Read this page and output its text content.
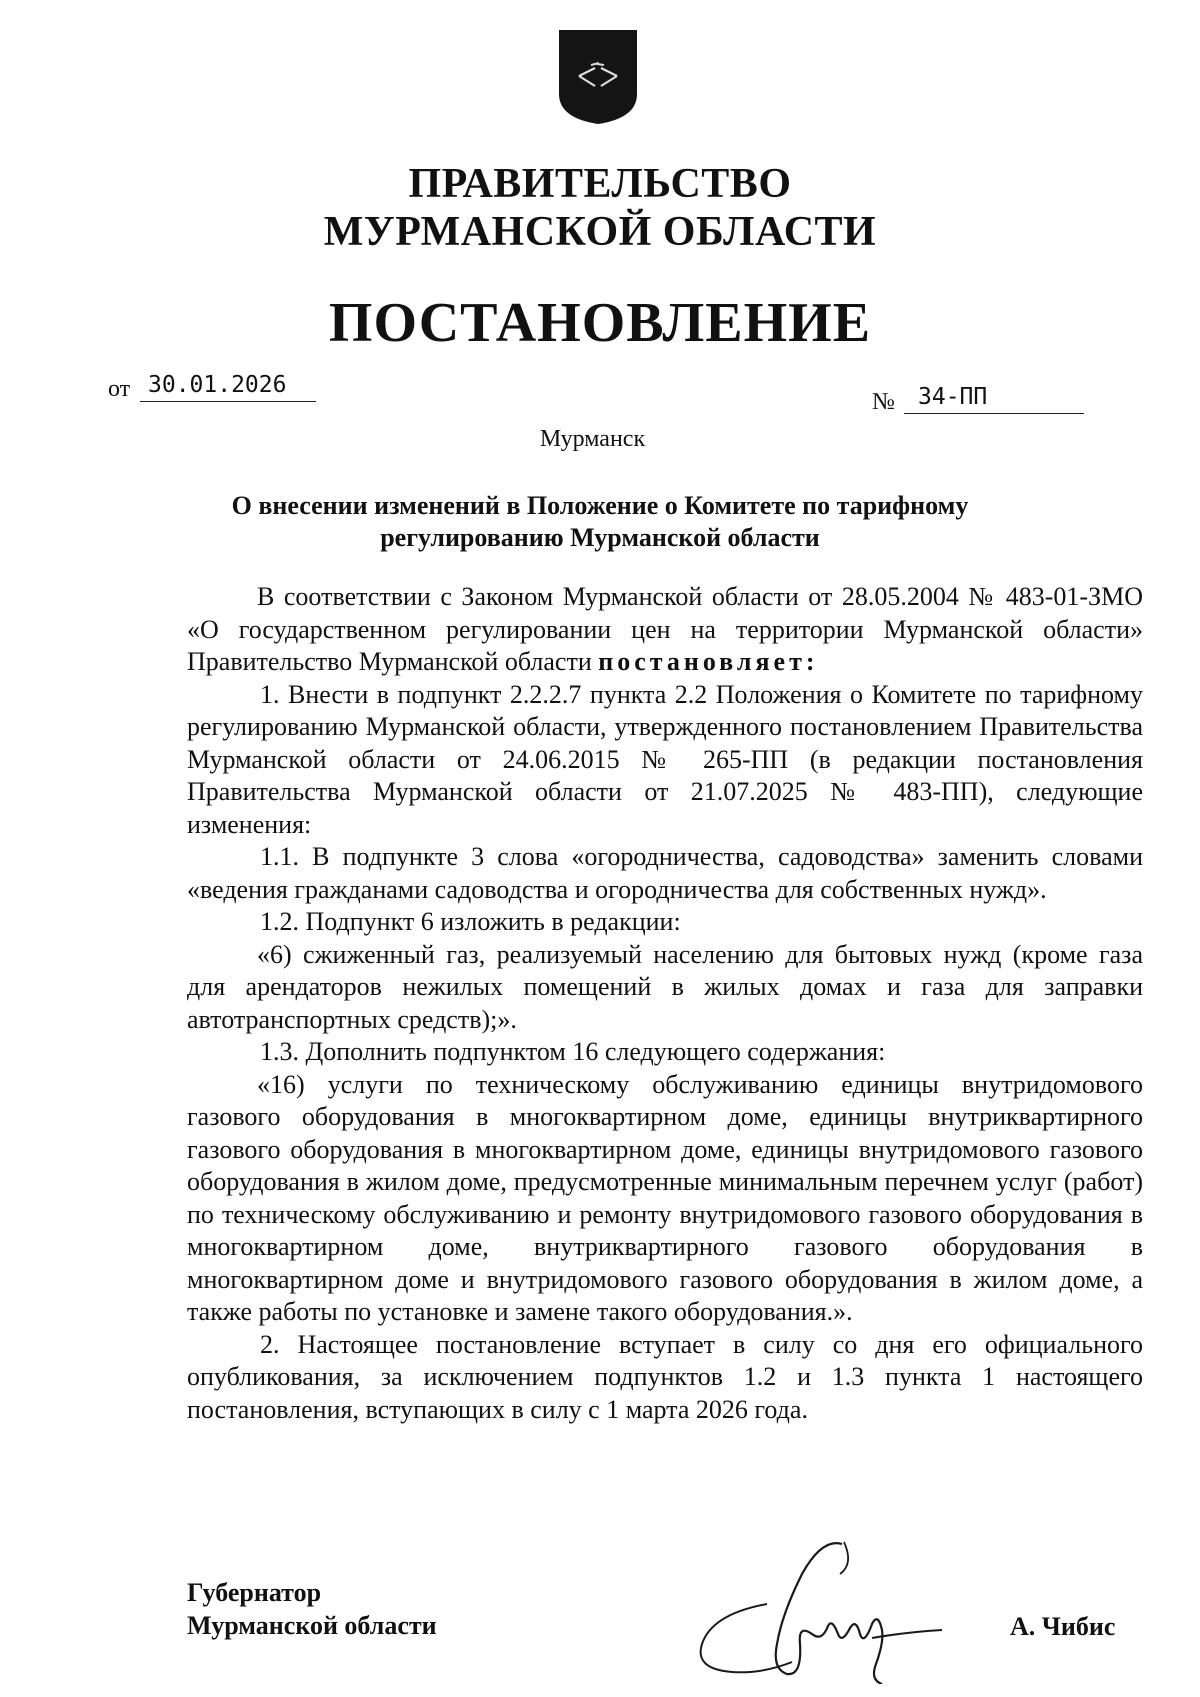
ПРАВИТЕЛЬСТВО
МУРМАНСКОЙ ОБЛАСТИ
ПОСТАНОВЛЕНИЕ
от 30.01.2026
№	34-ПП
Мурманск
О внесении изменений в Положение о Комитете по тарифному
регулированию Мурманской области

В соответствии с Законом Мурманской области от 28.05.2004 № 483-01-ЗМО «О государственном регулировании цен на территории Мурманской области» Правительство Мурманской области постановляет:

1. Внести в подпункт 2.2.2.7 пункта 2.2 Положения о Комитете по тарифному регулированию Мурманской области, утвержденного постановлением Правительства Мурманской области от 24.06.2015 № 265-ПП (в редакции постановления Правительства Мурманской области от 21.07.2025 № 483-ПП), следующие изменения:

1.1. В подпункте 3 слова «огородничества, садоводства» заменить словами «ведения гражданами садоводства и огородничества для собственных нужд».

1.2. Подпункт 6 изложить в редакции:

«6) сжиженный газ, реализуемый населению для бытовых нужд (кроме газа для арендаторов нежилых помещений в жилых домах и газа для заправки автотранспортных средств);».

1.3. Дополнить подпунктом 16 следующего содержания:

«16) услуги по техническому обслуживанию единицы внутридомового газового оборудования в многоквартирном доме, единицы внутриквартирного газового оборудования в многоквартирном доме, единицы внутридомового газового оборудования в жилом доме, предусмотренные минимальным перечнем услуг (работ) по техническому обслуживанию и ремонту внутридомового газового оборудования в многоквартирном доме, внутриквартирного газового оборудования в многоквартирном доме и внутридомового газового оборудования в жилом доме, а также работы по установке и замене такого оборудования.».

2. Настоящее постановление вступает в силу со дня его официального опубликования, за исключением подпунктов 1.2 и 1.3 пункта 1 настоящего постановления, вступающих в силу с 1 марта 2026 года.

Губернатор
Мурманской области	А. Чибис
